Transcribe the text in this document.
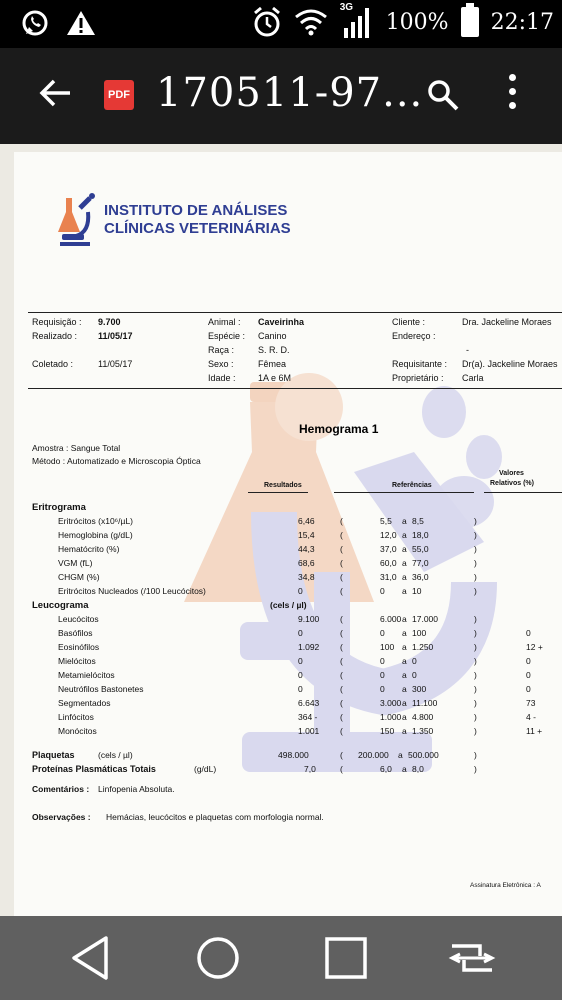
3G
100% 22:17
PDF 170511-97...
INSTITUTO DE ANÁLISES
CLÍNICAS VETERINÁRIAS
Requisição : 9.700
Realizado : 11/05/17
Coletado :	11/05/17
Animal : Caveirinha
Espécie : Canino
Raça :	S. R. D.
Sexo :	Fêmea
Idade : 1A e 6M
Cliente :	Dra. Jackeline Moraes
Endereço :
-
Requisitante : Dr(a). Jackeline Moraes
Proprietário : Carla
Hemograma 1
Amostra : Sangue Total
Método : Automatizado e Microscopia Óptica
Resultados	Referências
Valores
Relativos (%)
Eritrograma
Eritrócitos (x10⁶/µL)	6,46	(	5,5 a 8,5	)
Hemoglobina (g/dL)	15,4	(	12,0 a 18,0	)
Hematócrito (%)	44,3	(	37,0 a 55,0	)
VGM (fL)	68,6	(	60,0 a 77,0	)
CHGM (%)	34,8	(	31,0 a 36,0	)
Eritrócitos Nucleados (/100 Leucócitos)	0	(	0 a 10	)
Leucograma	(cels / µl)
Leucócitos	9.100 (	6.000 a 17.000	)
Basófilos	0	(	0 a 100	)	0
Eosinófilos	1.092 (	100 a 1.250	)	12 +
Mielócitos	0	(	0 a 0	)	0
Metamielócitos	0	(	0 a 0	)	0
Neutrófilos Bastonetes	0	(	0 a 300	)	0
Segmentados	6.643 (	3.000 a 11.100	)	73
Linfócitos	364 -	(	1.000 a 4.800	)	4 -
Monócitos	1.001 (	150 a 1.350	)	11 +
Plaquetas	(cels / µl)	498.000	( 200.000 a 500.000	)
Proteínas Plasmáticas Totais	(g/dL)	7,0	(	6,0 a 8,0	)
Comentários : Linfopenia Absoluta.
Observações : Hemácias, leucócitos e plaquetas com morfologia normal.
Assinatura Eletrônica : A
